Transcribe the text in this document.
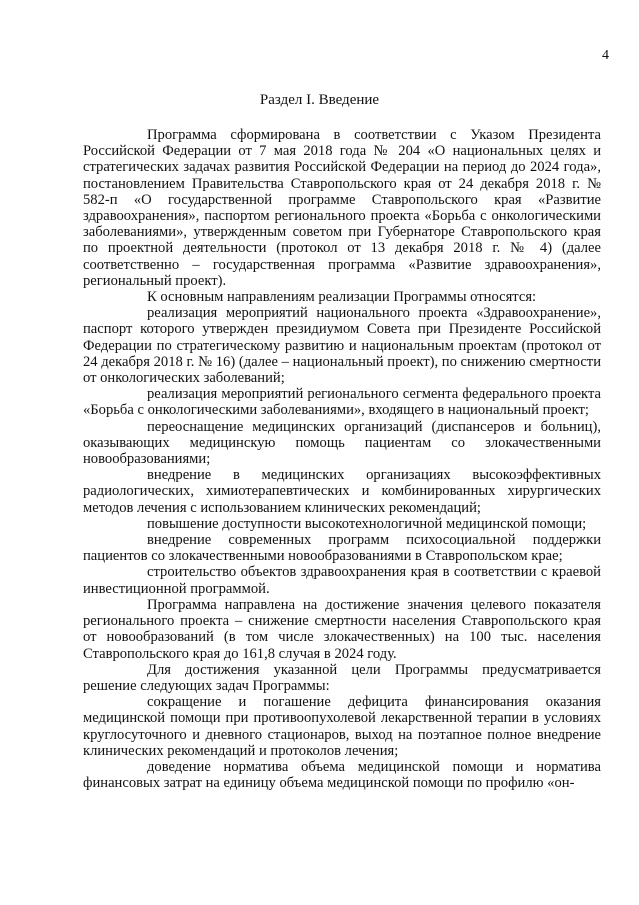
4
Раздел I. Введение

Программа сформирована в соответствии с Указом Президента Российской Федерации от 7 мая 2018 года № 204 «О национальных целях и стратегических задачах развития Российской Федерации на период до 2024 года», постановлением Правительства Ставропольского края от 24 декабря 2018 г. № 582-п «О государственной программе Ставропольского края «Развитие здравоохранения», паспортом регионального проекта «Борьба с онкологическими заболеваниями», утвержденным советом при Губернаторе Ставропольского края по проектной деятельности (протокол от 13 декабря 2018 г. № 4) (далее соответственно – государственная программа «Развитие здравоохранения», региональный проект).

К основным направлениям реализации Программы относятся:

реализация мероприятий национального проекта «Здравоохранение», паспорт которого утвержден президиумом Совета при Президенте Российской Федерации по стратегическому развитию и национальным проектам (протокол от 24 декабря 2018 г. № 16) (далее – национальный проект), по снижению смертности от онкологических заболеваний;

реализация мероприятий регионального сегмента федерального проекта «Борьба с онкологическими заболеваниями», входящего в национальный проект;

переоснащение медицинских организаций (диспансеров и больниц), оказывающих медицинскую помощь пациентам со злокачественными новообразованиями;

внедрение в медицинских организациях высокоэффективных радиологических, химиотерапевтических и комбинированных хирургических методов лечения с использованием клинических рекомендаций;

повышение доступности высокотехнологичной медицинской помощи;

внедрение современных программ психосоциальной поддержки пациентов со злокачественными новообразованиями в Ставропольском крае;

строительство объектов здравоохранения края в соответствии с краевой инвестиционной программой.

Программа направлена на достижение значения целевого показателя регионального проекта – снижение смертности населения Ставропольского края от новообразований (в том числе злокачественных) на 100 тыс. населения Ставропольского края до 161,8 случая в 2024 году.

Для достижения указанной цели Программы предусматривается решение следующих задач Программы:

сокращение и погашение дефицита финансирования оказания медицинской помощи при противоопухолевой лекарственной терапии в условиях круглосуточного и дневного стационаров, выход на поэтапное полное внедрение клинических рекомендаций и протоколов лечения;

доведение норматива объема медицинской помощи и норматива финансовых затрат на единицу объема медицинской помощи по профилю «он-
